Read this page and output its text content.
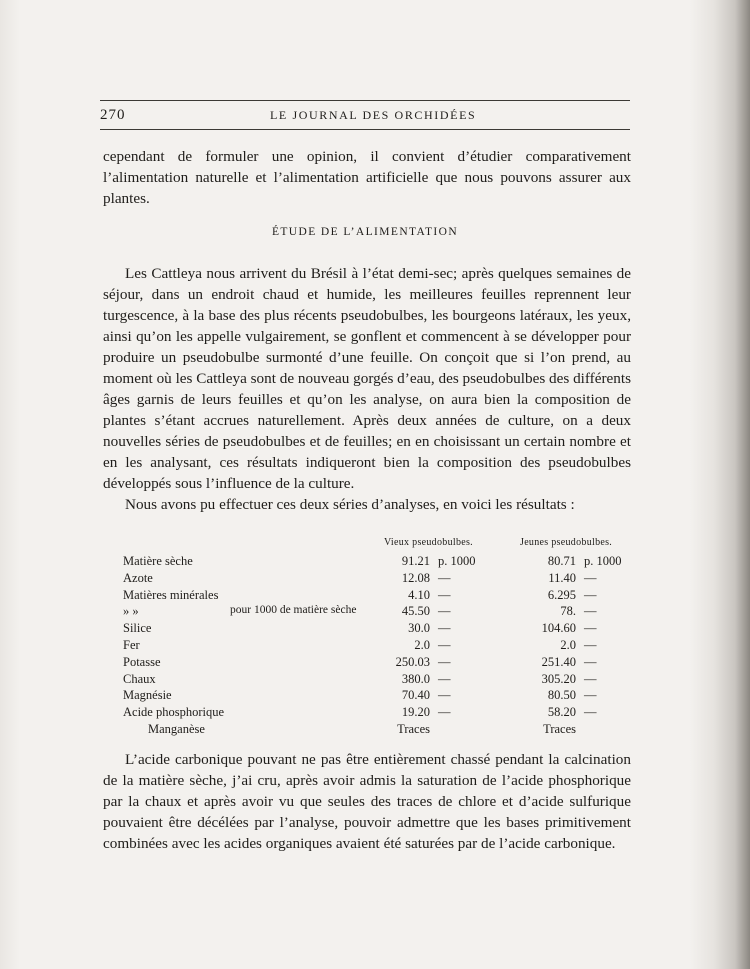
270	LE JOURNAL DES ORCHIDÉES
cependant de formuler une opinion, il convient d’étudier comparativement l’alimentation naturelle et l’alimentation artificielle que nous pouvons assurer aux plantes.
ÉTUDE DE L’ALIMENTATION
Les Cattleya nous arrivent du Brésil à l’état demi-sec; après quelques semaines de séjour, dans un endroit chaud et humide, les meilleures feuilles reprennent leur turgescence, à la base des plus récents pseudobulbes, les bourgeons latéraux, les yeux, ainsi qu’on les appelle vulgairement, se gonflent et commencent à se développer pour produire un pseudobulbe surmonté d’une feuille. On conçoit que si l’on prend, au moment où les Cattleya sont de nouveau gorgés d’eau, des pseudobulbes des différents âges garnis de leurs feuilles et qu’on les analyse, on aura bien la composition de plantes s’étant accrues naturellement. Après deux années de culture, on a deux nouvelles séries de pseudobulbes et de feuilles; en en choisissant un certain nombre et en les analysant, ces résultats indiqueront bien la composition des pseudobulbes développés sous l’influence de la culture.
Nous avons pu effectuer ces deux séries d’analyses, en voici les résultats :
Vieux pseudobulbes.	Jeunes pseudobulbes.
Matière sèche	91.21 p. 1000	80.71 p. 1000
Azote	12.08 —	11.40 —
Matières minérales	4.10 —	6.295 —
» »	pour 1000 de matière sèche	45.50 —	78. —
Silice	30.0 —	104.60 —
Fer	2.0 —	2.0 —
Potasse	250.03 —	251.40 —
Chaux	380.0 —	305.20 —
Magnésie	70.40 —	80.50 —
Acide phosphorique	19.20 —	58.20 —
Manganèse	Traces	Traces
L’acide carbonique pouvant ne pas être entièrement chassé pendant la calcination de la matière sèche, j’ai cru, après avoir admis la saturation de l’acide phosphorique par la chaux et après avoir vu que seules des traces de chlore et d’acide sulfurique pouvaient être décélées par l’analyse, pouvoir admettre que les bases primitivement combinées avec les acides organiques avaient été saturées par de l’acide carbonique.
